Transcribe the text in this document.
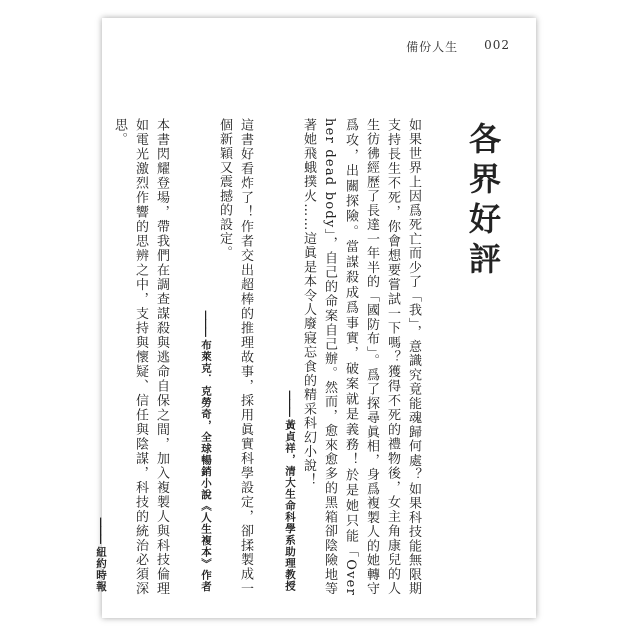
備份人生 002
各界好評

如果世界上因爲死亡而少了「我」，意識究竟能魂歸何處？如果科技能無限期支持長生不死，你會想要嘗試一下嗎？獲得不死的禮物後，女主角康兒的人生彷彿經歷了長達一年半的「國防布」。爲了探尋眞相，身爲複製人的她轉守爲攻，出關探險。當謀殺成爲事實，破案就是義務！於是她只能「Over her dead body」，自己的命案自己辦。然而，愈來愈多的黑箱卻陰險地等著她飛蛾撲火……這眞是本令人廢寢忘食的精采科幻小說！

——— 黃貞祥，清大生命科學系助理教授

這書好看炸了！作者交出超棒的推理故事，採用眞實科學設定，卻揉製成一個新穎又震撼的設定。

——— 布萊克．克勞奇，全球暢銷小說《人生複本》作者

本書閃耀登場，帶我們在調查謀殺與逃命自保之間，加入複製人與科技倫理如電光激烈作響的思辨之中，支持與懷疑、信任與陰謀，科技的統治必須深思。

——— 紐約時報
